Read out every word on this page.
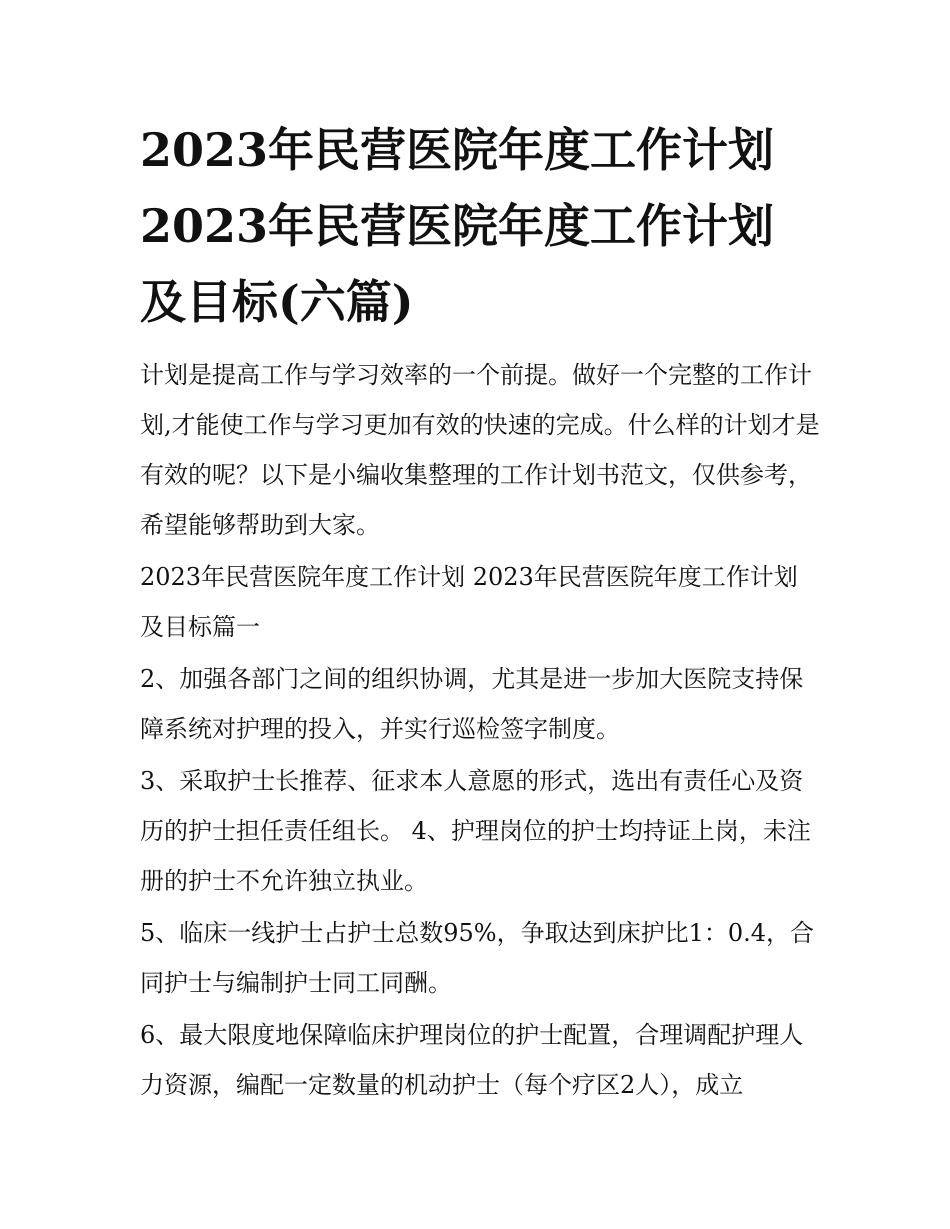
2023年民营医院年度工作计划 2023年民营医院年度工作计划及目标(六篇)

计划是提高工作与学习效率的一个前提。做好一个完整的工作计划,才能使工作与学习更加有效的快速的完成。什么样的计划才是有效的呢？以下是小编收集整理的工作计划书范文，仅供参考，希望能够帮助到大家。

2023年民营医院年度工作计划 2023年民营医院年度工作计划及目标篇一

2、加强各部门之间的组织协调，尤其是进一步加大医院支持保障系统对护理的投入，并实行巡检签字制度。

3、采取护士长推荐、征求本人意愿的形式，选出有责任心及资历的护士担任责任组长。 4、护理岗位的护士均持证上岗，未注册的护士不允许独立执业。

5、临床一线护士占护士总数95%，争取达到床护比1：0.4，合同护士与编制护士同工同酬。

6、最大限度地保障临床护理岗位的护士配置，合理调配护理人力资源，编配一定数量的机动护士（每个疗区2人），成立
